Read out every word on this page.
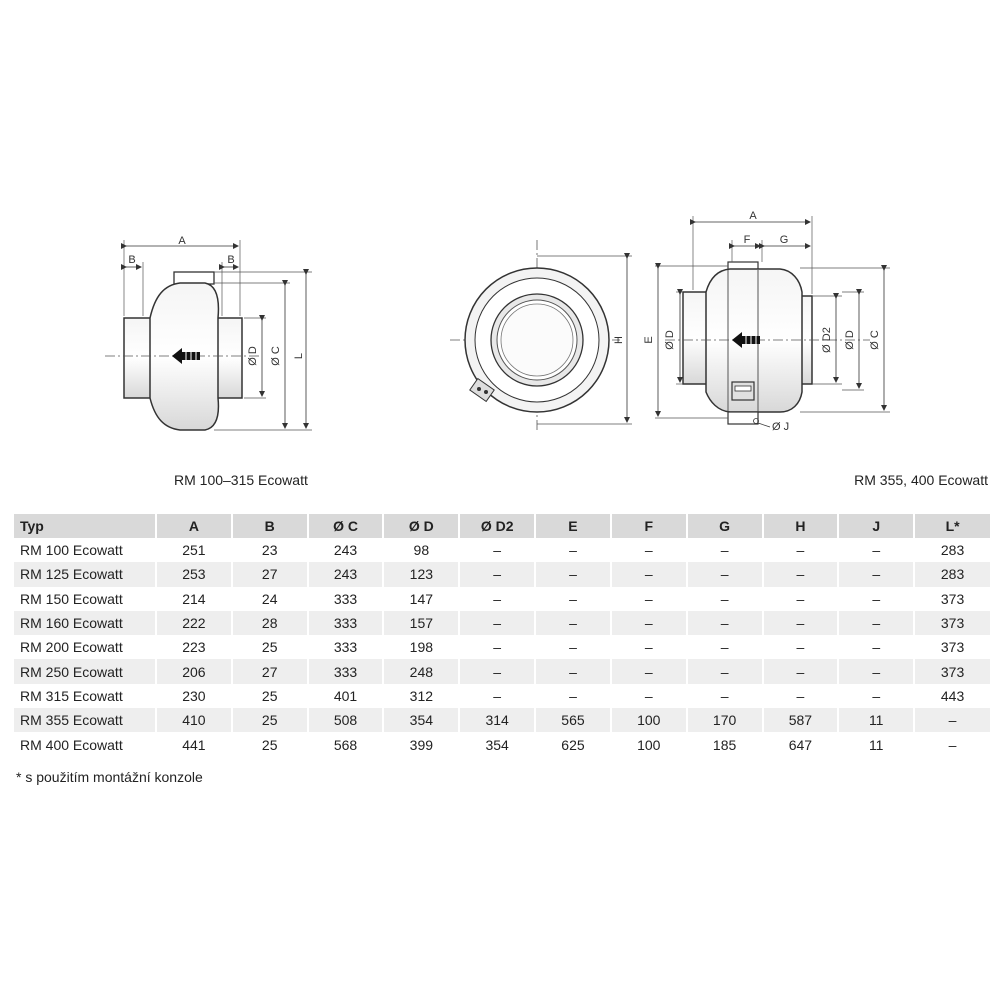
A
B	B
Ø D Ø C L
H
A
F	G
E Ø D	Ø D2 Ø D Ø C
Ø J
RM 100–315 Ecowatt	RM 355, 400 Ecowatt
Typ	A	B	Ø C	Ø D	Ø D2	E	F	G	H	J	L*
RM 100 Ecowatt	251	23	243	98	–	–	–	–	–	–	283
RM 125 Ecowatt	253	27	243	123	–	–	–	–	–	–	283
RM 150 Ecowatt	214	24	333	147	–	–	–	–	–	–	373
RM 160 Ecowatt	222	28	333	157	–	–	–	–	–	–	373
RM 200 Ecowatt	223	25	333	198	–	–	–	–	–	–	373
RM 250 Ecowatt	206	27	333	248	–	–	–	–	–	–	373
RM 315 Ecowatt	230	25	401	312	–	–	–	–	–	–	443
RM 355 Ecowatt	410	25	508	354	314	565	100	170	587	11	–
RM 400 Ecowatt	441	25	568	399	354	625	100	185	647	11	–
* s použitím montážní konzole
